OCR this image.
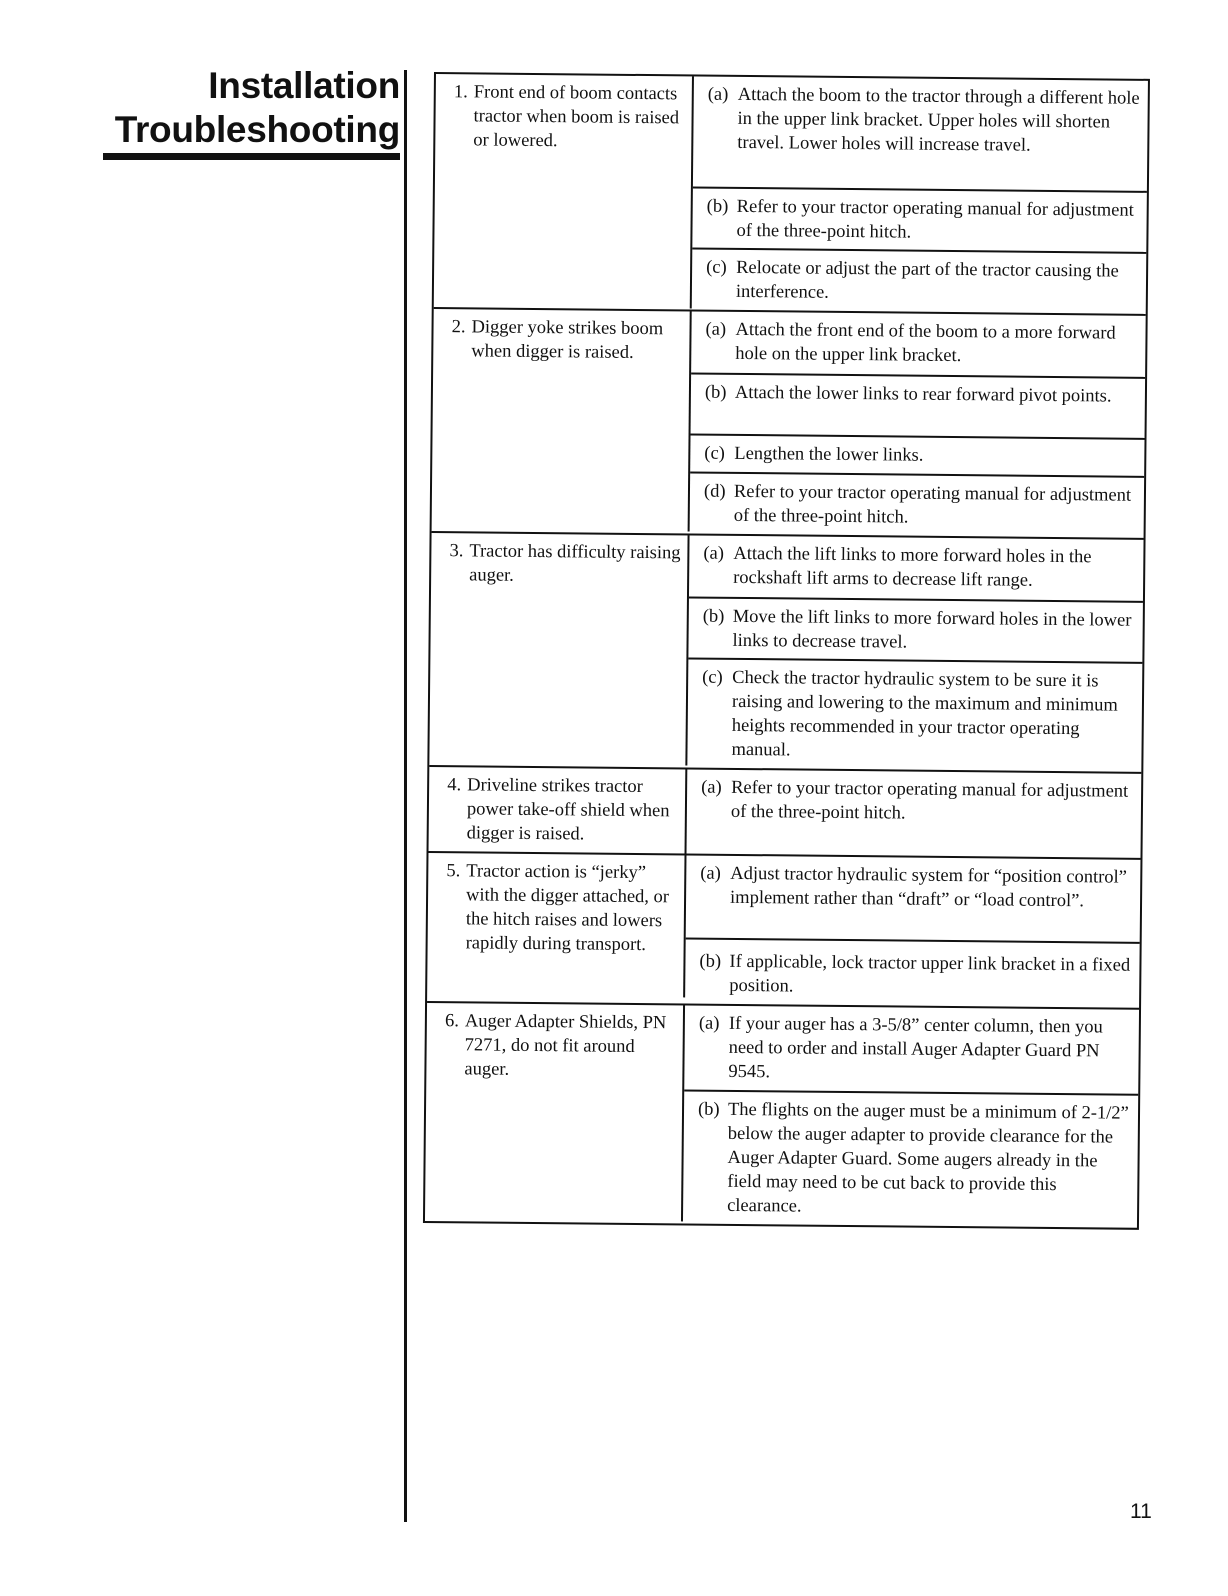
Installation
Troubleshooting
1. Front end of boom contacts tractor when boom is raised or lowered.
(a) Attach the boom to the tractor through a different hole in the upper link bracket. Upper holes will shorten travel. Lower holes will increase travel.
(b) Refer to your tractor operating manual for adjustment of the three-point hitch.
(c) Relocate or adjust the part of the tractor causing the interference.
2. Digger yoke strikes boom when digger is raised.
(a) Attach the front end of the boom to a more forward hole on the upper link bracket.
(b) Attach the lower links to rear forward pivot points.
(c) Lengthen the lower links.
(d) Refer to your tractor operating manual for adjustment of the three-point hitch.
3. Tractor has difficulty raising auger.
(a) Attach the lift links to more forward holes in the rockshaft lift arms to decrease lift range.
(b) Move the lift links to more forward holes in the lower links to decrease travel.
(c) Check the tractor hydraulic system to be sure it is raising and lowering to the maximum and minimum heights recommended in your tractor operating manual.
4. Driveline strikes tractor power take-off shield when digger is raised.
(a) Refer to your tractor operating manual for adjustment of the three-point hitch.
5. Tractor action is “jerky” with the digger attached, or the hitch raises and lowers rapidly during transport.
(a) Adjust tractor hydraulic system for “position control” implement rather than “draft” or “load control”.
(b) If applicable, lock tractor upper link bracket in a fixed position.
6. Auger Adapter Shields, PN 7271, do not fit around auger.
(a) If your auger has a 3-5/8” center column, then you need to order and install Auger Adapter Guard PN 9545.
(b) The flights on the auger must be a minimum of 2-1/2” below the auger adapter to provide clearance for the Auger Adapter Guard. Some augers already in the field may need to be cut back to provide this clearance.
11
